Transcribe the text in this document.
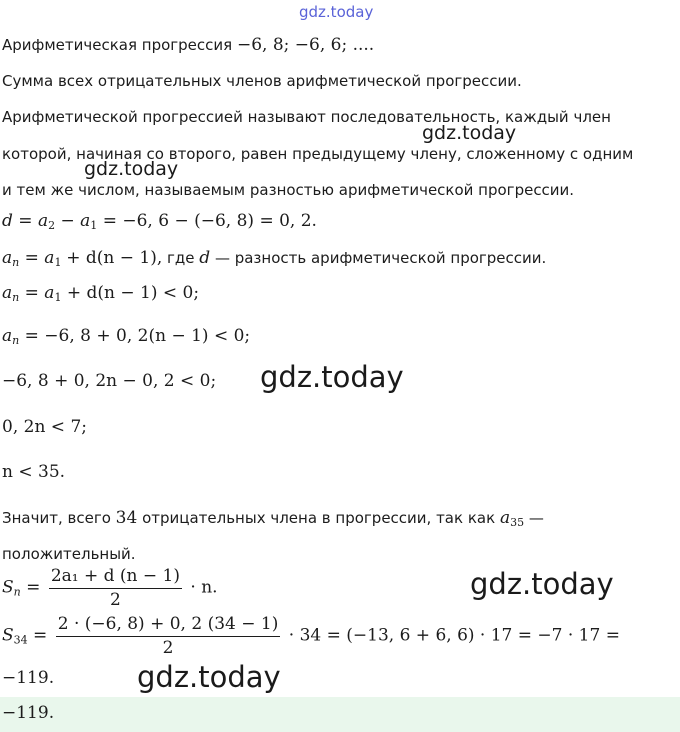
gdz.today
gdz.today
gdz.today
gdz.today
gdz.today
gdz.today
Арифметическая прогрессия −6, 8; −6, 6; ....
Сумма всех отрицательных членов арифметической прогрессии.
Арифметической прогрессией называют последовательность, каждый член
которой, начиная со второго, равен предыдущему члену, сложенному с одним
и тем же числом, называемым разностью арифметической прогрессии.
$d = a_2 - a_1 = -6$, 6 − (−6, 8) = 0, 2.
$a_n = a_1 + d(n - 1)$, где d — разность арифметической прогрессии.
$a_n = a_1 + d(n - 1) < 0$;
$a_n = -6$, 8 + 0, 2(n − 1) < 0;
−6, 8 + 0, 2n − 0, 2 < 0;
0, 2n < 7;
n < 35.
Значит, всего 34 отрицательных члена в прогрессии, так как $a_{35}$ —
положительный.
$S_n = \frac{\text{2a₁ + d (n − 1)}}{2} \cdot n$.
$S_{34} = \frac{2 \cdot (-6, 8) + 0, 2 (34 - 1)}{2} \cdot 34 = (-13$, 6 + 6, 6) · 17 = −7 · 17 =
−119.
−119.
